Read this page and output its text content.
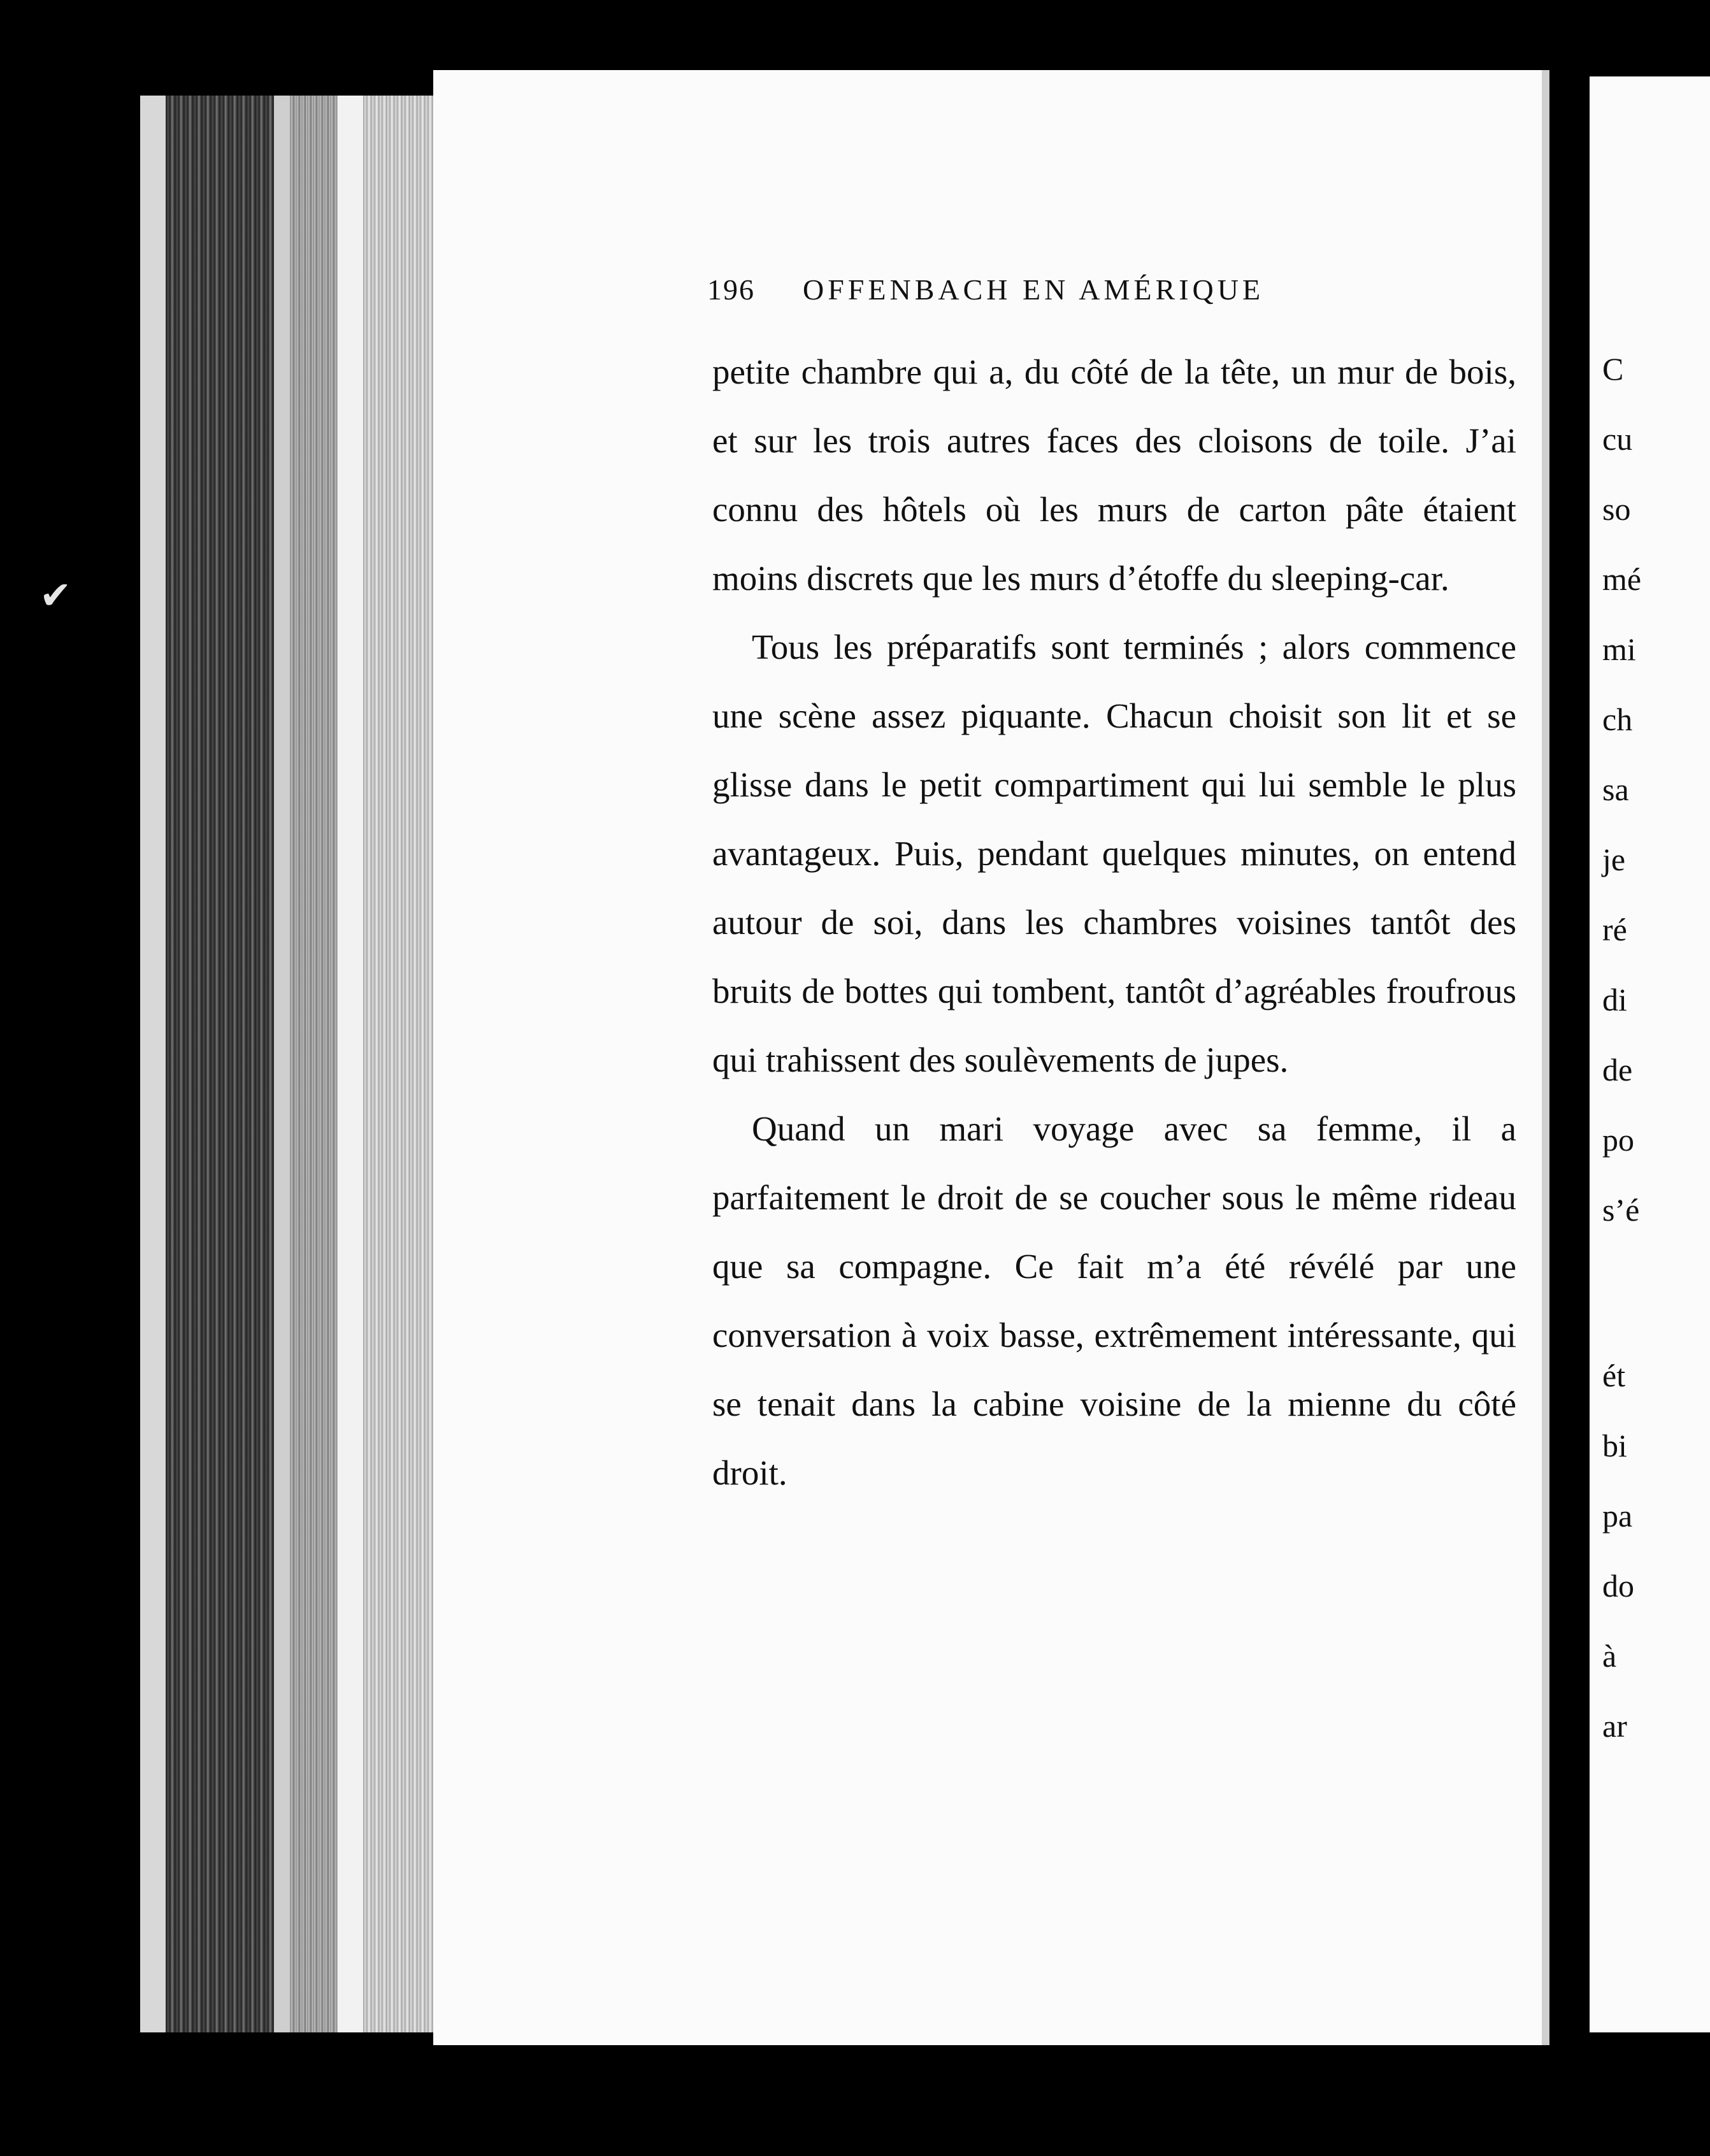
✔
196 OFFENBACH EN AMÉRIQUE

petite chambre qui a, du côté de la tête, un mur de bois, et sur les trois autres faces des cloisons de toile. J’ai connu des hôtels où les murs de carton pâte étaient moins discrets que les murs d’étoffe du sleeping-car.

Tous les préparatifs sont terminés ; alors commence une scène assez piquante. Chacun choisit son lit et se glisse dans le petit compartiment qui lui semble le plus avantageux. Puis, pendant quelques minutes, on entend autour de soi, dans les chambres voisines tantôt des bruits de bottes qui tombent, tantôt d’agréables froufrous qui trahissent des soulèvements de jupes.

Quand un mari voyage avec sa femme, il a parfaitement le droit de se coucher sous le même rideau que sa compagne. Ce fait m’a été révélé par une conversation à voix basse, extrêmement intéressante, qui se tenait dans la cabine voisine de la mienne du côté droit.

C
cu
so
mé
mi
ch
sa
je
ré
di
de
po
s’é
ét
bi
pa
do
à
ar
